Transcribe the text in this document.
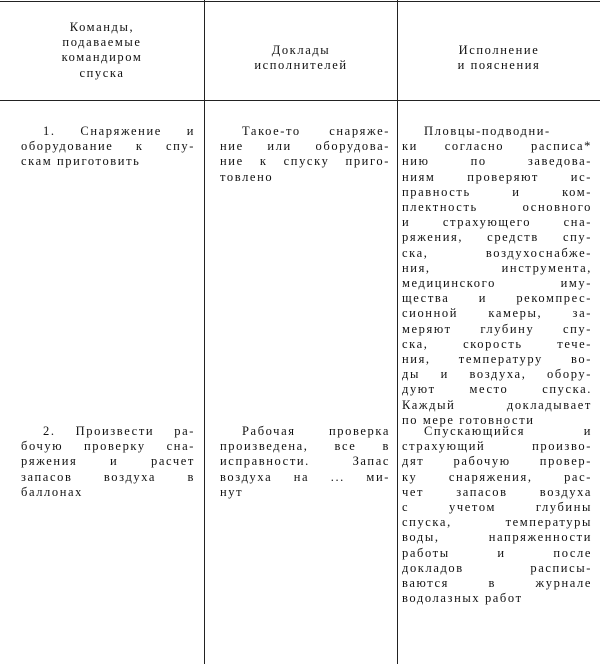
Команды,
подаваемые
командиром
спуска
Доклады
исполнителей
Исполнение
и пояснения
1. Снаряжение и
оборудование к спу-
скам приготовить
Такое-то снаряже-
ние или оборудова-
ние к спуску приго-
товлено
Пловцы-подводни-
ки согласно расписа*
нию по заведова-
ниям проверяют ис-
правность и ком-
плектность основного
и страхующего сна-
ряжения, средств спу-
ска, воздухоснабже-
ния, инструмента,
медицинского иму-
щества и рекомпрес-
сионной камеры, за-
меряют глубину спу-
ска, скорость тече-
ния, температуру во-
ды и воздуха, обору-
дуют место спуска.
Каждый докладывает
по мере готовности
2. Произвести ра-
бочую проверку сна-
ряжения и расчет
запасов воздуха в
баллонах
Рабочая проверка
произведена, все в
исправности. Запас
воздуха на ... ми-
нут
Спускающийся и
страхующий произво-
дят рабочую провер-
ку снаряжения, рас-
чет запасов воздуха
с учетом глубины
спуска, температуры
воды, напряженности
работы и после
докладов расписы-
ваются в журнале
водолазных работ
